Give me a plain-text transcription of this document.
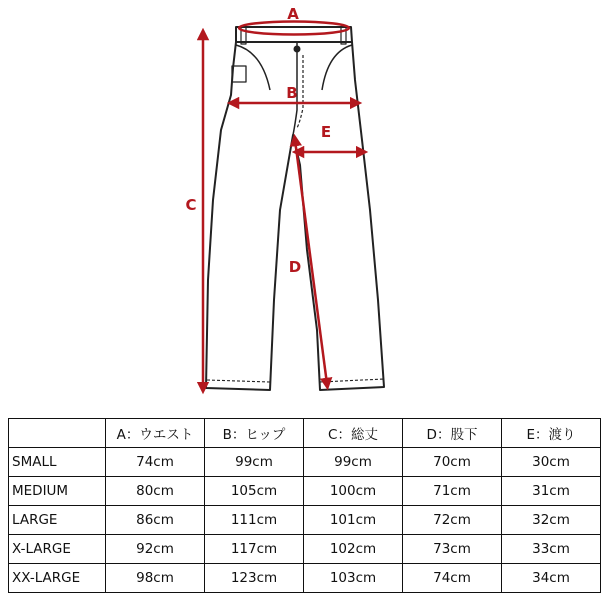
A
B
C
D
E
	A：ウエスト	B：ヒップ	C：総丈	D：股下	E：渡り
SMALL	74cm	99cm	99cm	70cm	30cm
MEDIUM	80cm	105cm	100cm	71cm	31cm
LARGE	86cm	111cm	101cm	72cm	32cm
X-LARGE	92cm	117cm	102cm	73cm	33cm
XX-LARGE	98cm	123cm	103cm	74cm	34cm
